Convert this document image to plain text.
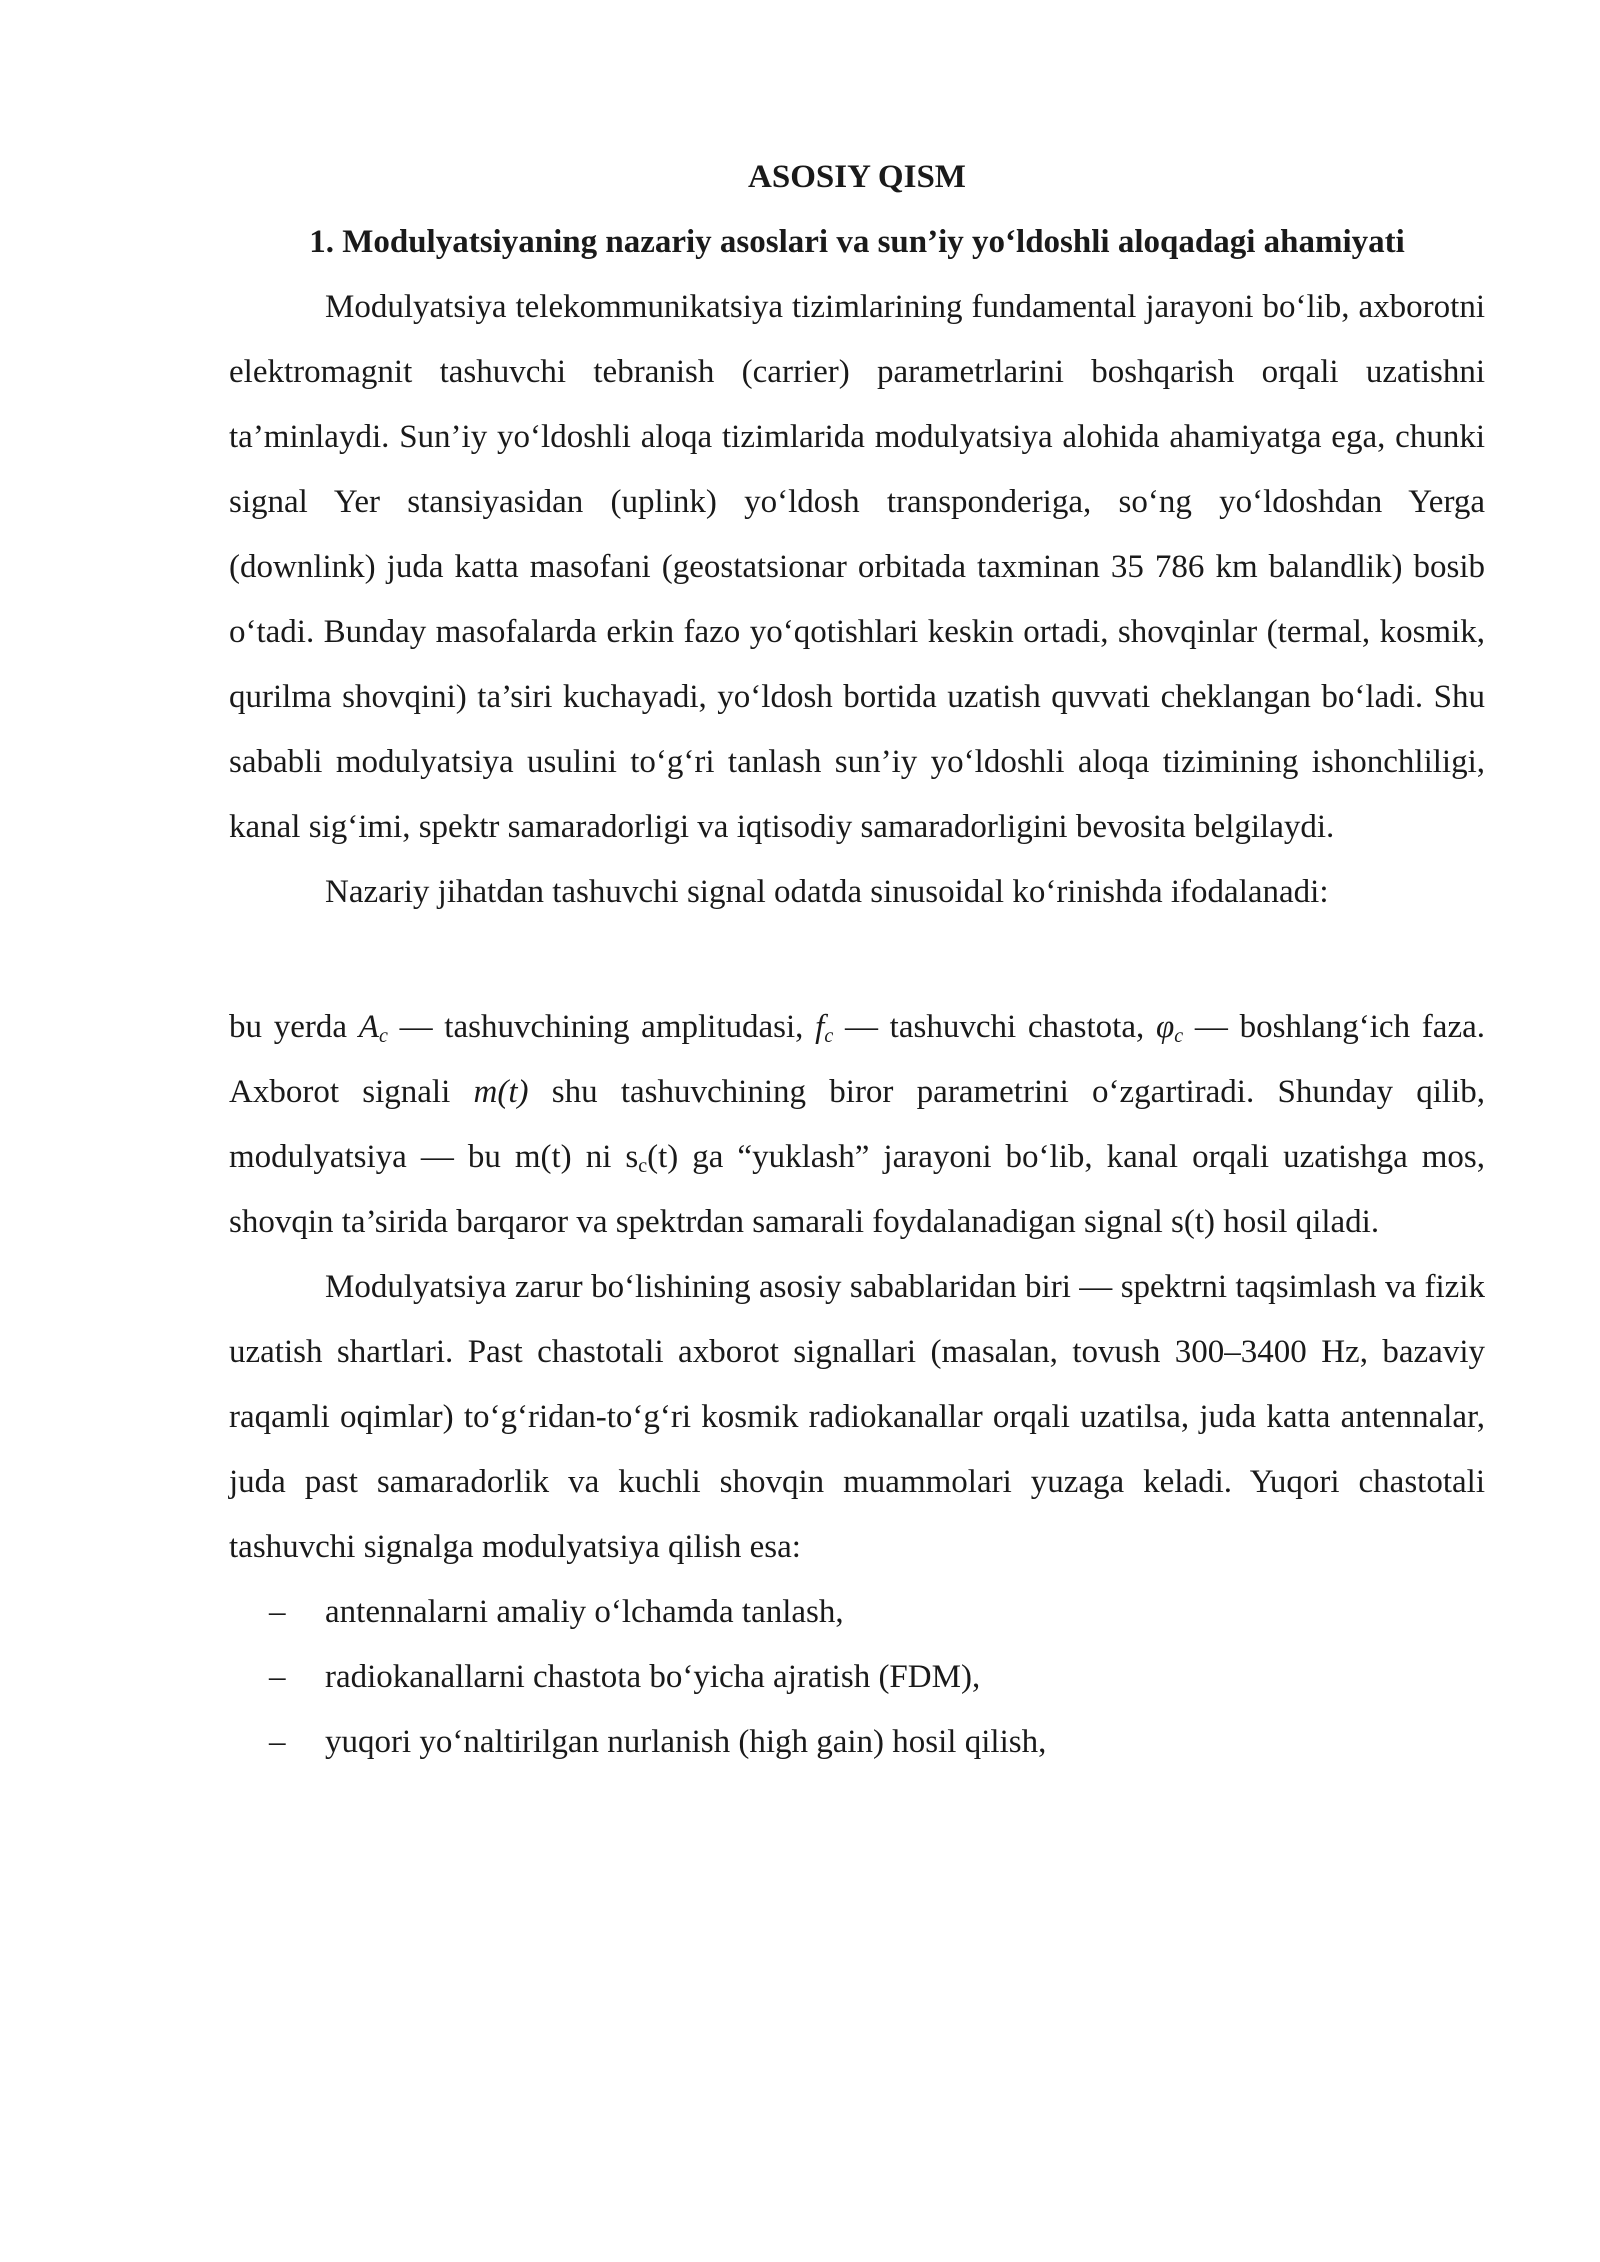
ASOSIY QISM

1. Modulyatsiyaning nazariy asoslari va sun’iy yo‘ldoshli aloqadagi ahamiyati

Modulyatsiya telekommunikatsiya tizimlarining fundamental jarayoni bo‘lib, axborotni elektromagnit tashuvchi tebranish (carrier) parametrlarini boshqarish orqali uzatishni ta’minlaydi. Sun’iy yo‘ldoshli aloqa tizimlarida modulyatsiya alohida ahamiyatga ega, chunki signal Yer stansiyasidan (uplink) yo‘ldosh transponderiga, so‘ng yo‘ldoshdan Yerga (downlink) juda katta masofani (geostatsionar orbitada taxminan 35 786 km balandlik) bosib o‘tadi. Bunday masofalarda erkin fazo yo‘qotishlari keskin ortadi, shovqinlar (termal, kosmik, qurilma shovqini) ta’siri kuchayadi, yo‘ldosh bortida uzatish quvvati cheklangan bo‘ladi. Shu sababli modulyatsiya usulini to‘g‘ri tanlash sun’iy yo‘ldoshli aloqa tizimining ishonchliligi, kanal sig‘imi, spektr samaradorligi va iqtisodiy samaradorligini bevosita belgilaydi.

Nazariy jihatdan tashuvchi signal odatda sinusoidal ko‘rinishda ifodalanadi:

bu yerda $A_c$ — tashuvchining amplitudasi, $f_c$ — tashuvchi chastota, $\varphi_c$ — boshlang‘ich faza. Axborot signali m(t) shu tashuvchining biror parametrini o‘zgartiradi. Shunday qilib, modulyatsiya — bu m(t) ni $s_c(t)$ ga “yuklash” jarayoni bo‘lib, kanal orqali uzatishga mos, shovqin ta’sirida barqaror va spektrdan samarali foydalanadigan signal s(t) hosil qiladi.

Modulyatsiya zarur bo‘lishining asosiy sabablaridan biri — spektrni taqsimlash va fizik uzatish shartlari. Past chastotali axborot signallari (masalan, tovush 300–3400 Hz, bazaviy raqamli oqimlar) to‘g‘ridan-to‘g‘ri kosmik radiokanallar orqali uzatilsa, juda katta antennalar, juda past samaradorlik va kuchli shovqin muammolari yuzaga keladi. Yuqori chastotali tashuvchi signalga modulyatsiya qilish esa:

– antennalarni amaliy o‘lchamda tanlash,
– radiokanallarni chastota bo‘yicha ajratish (FDM),
– yuqori yo‘naltirilgan nurlanish (high gain) hosil qilish,
